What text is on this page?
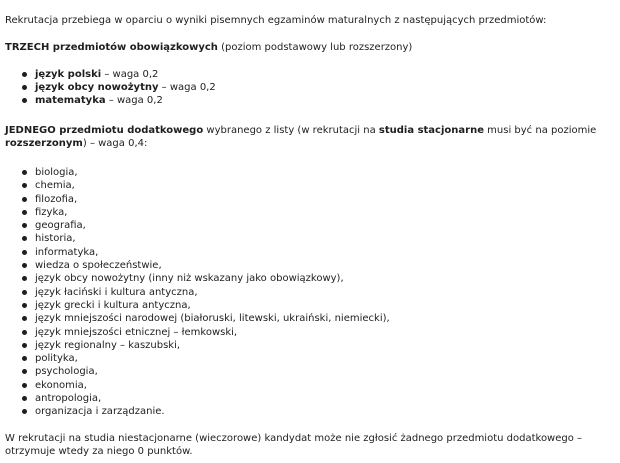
Rekrutacja przebiega w oparciu o wyniki pisemnych egzaminów maturalnych z następujących przedmiotów:

TRZECH przedmiotów obowiązkowych (poziom podstawowy lub rozszerzony)

język polski – waga 0,2
język obcy nowożytny – waga 0,2
matematyka – waga 0,2

JEDNEGO przedmiotu dodatkowego wybranego z listy (w rekrutacji na studia stacjonarne musi być na poziomie rozszerzonym) – waga 0,4:

biologia,
chemia,
filozofia,
fizyka,
geografia,
historia,
informatyka,
wiedza o społeczeństwie,
język obcy nowożytny (inny niż wskazany jako obowiązkowy),
język łaciński i kultura antyczna,
język grecki i kultura antyczna,
język mniejszości narodowej (białoruski, litewski, ukraiński, niemiecki),
język mniejszości etnicznej – łemkowski,
język regionalny – kaszubski,
polityka,
psychologia,
ekonomia,
antropologia,
organizacja i zarządzanie.

W rekrutacji na studia niestacjonarne (wieczorowe) kandydat może nie zgłosić żadnego przedmiotu dodatkowego – otrzymuje wtedy za niego 0 punktów.
